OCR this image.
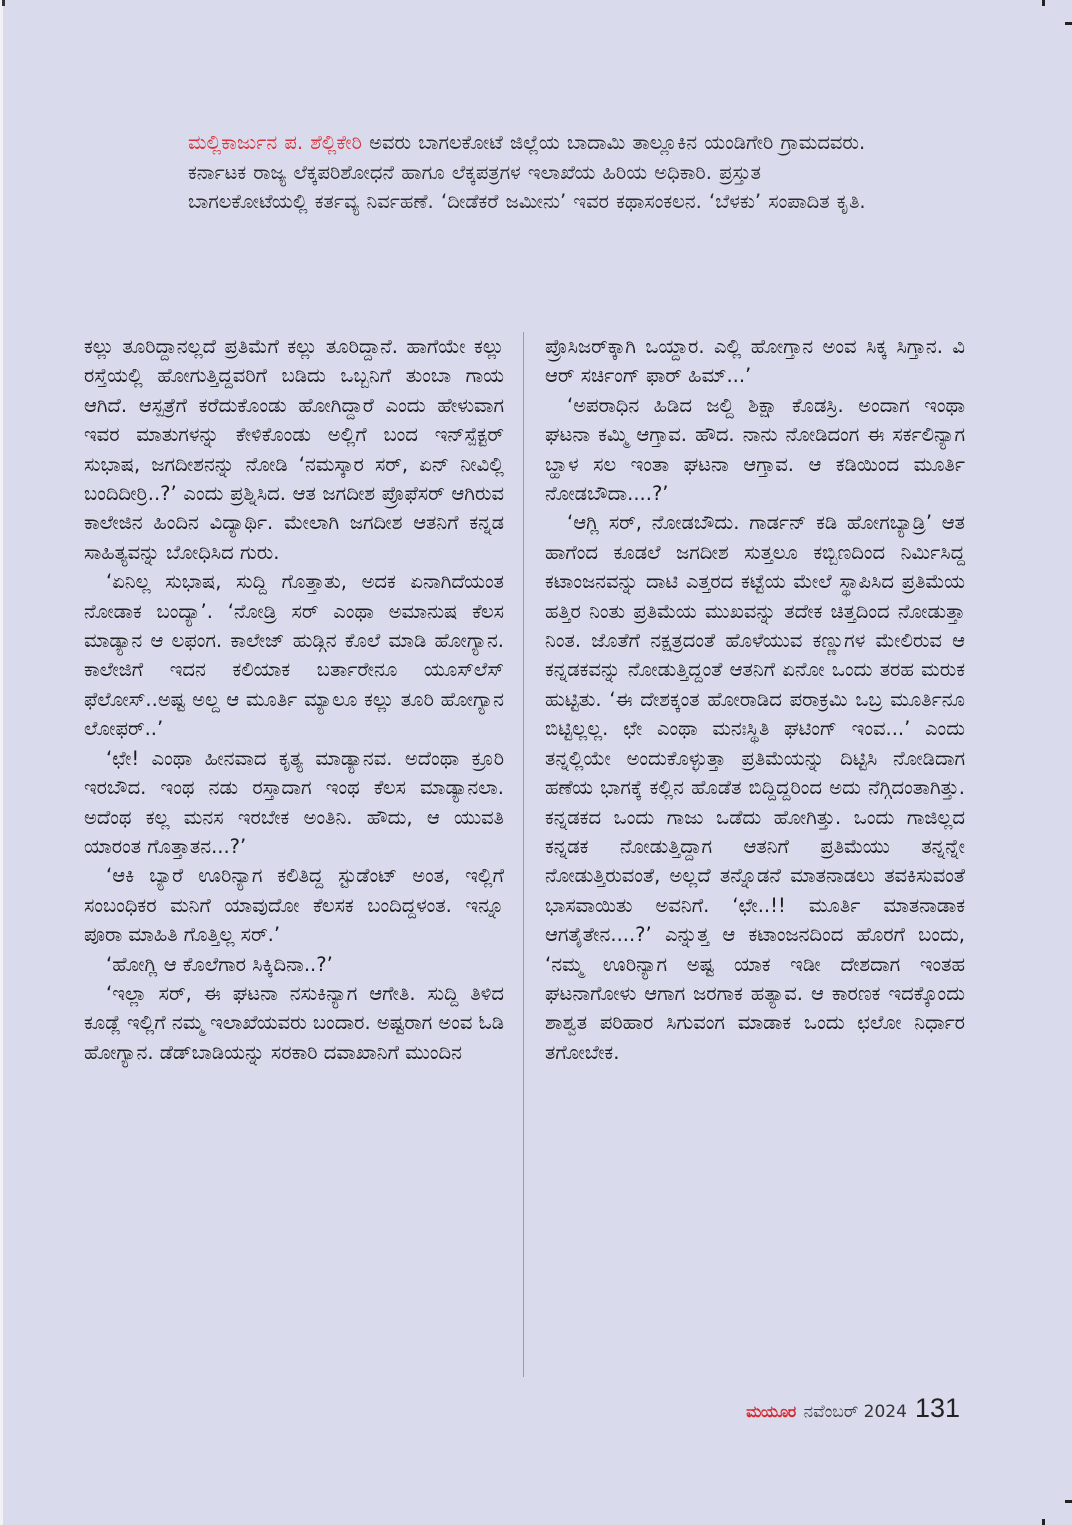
ಮಲ್ಲಿಕಾರ್ಜುನ ಪ. ಶೆಲ್ಲಿಕೇರಿ ಅವರು ಬಾಗಲಕೋಟೆ ಜಿಲ್ಲೆಯ ಬಾದಾಮಿ ತಾಲ್ಲೂಕಿನ ಯಂಡಿಗೇರಿ ಗ್ರಾಮದವರು. ಕರ್ನಾಟಕ ರಾಜ್ಯ ಲೆಕ್ಕಪರಿಶೋಧನೆ ಹಾಗೂ ಲೆಕ್ಕಪತ್ರಗಳ ಇಲಾಖೆಯ ಹಿರಿಯ ಅಧಿಕಾರಿ. ಪ್ರಸ್ತುತ ಬಾಗಲಕೋಟೆಯಲ್ಲಿ ಕರ್ತವ್ಯ ನಿರ್ವಹಣೆ. ‘ದೀಡೆಕರೆ ಜಮೀನು’ ಇವರ ಕಥಾಸಂಕಲನ. ‘ಬೆಳಕು’ ಸಂಪಾದಿತ ಕೃತಿ.

ಕಲ್ಲು ತೂರಿದ್ದಾನಲ್ಲದೆ ಪ್ರತಿಮೆಗೆ ಕಲ್ಲು ತೂರಿದ್ದಾನೆ. ಹಾಗೆಯೇ ಕಲ್ಲು ರಸ್ತೆಯಲ್ಲಿ ಹೋಗುತ್ತಿದ್ದವರಿಗೆ ಬಡಿದು ಒಬ್ಬನಿಗೆ ತುಂಬಾ ಗಾಯ ಆಗಿದೆ. ಆಸ್ಪತ್ರೆಗೆ ಕರೆದುಕೊಂಡು ಹೋಗಿದ್ದಾರೆ ಎಂದು ಹೇಳುವಾಗ ಇವರ ಮಾತುಗಳನ್ನು ಕೇಳಿಕೊಂಡು ಅಲ್ಲಿಗೆ ಬಂದ ಇನ್‌ಸ್ಪೆಕ್ಟರ್ ಸುಭಾಷ, ಜಗದೀಶನನ್ನು ನೋಡಿ ‘ನಮಸ್ಕಾರ ಸರ್, ಏನ್ ನೀವಿಲ್ಲಿ ಬಂದಿದೀರ್ರಿ..?’ ಎಂದು ಪ್ರಶ್ನಿಸಿದ. ಆತ ಜಗದೀಶ ಪ್ರೊಫೆಸರ್ ಆಗಿರುವ ಕಾಲೇಜಿನ ಹಿಂದಿನ ವಿದ್ಯಾರ್ಥಿ. ಮೇಲಾಗಿ ಜಗದೀಶ ಆತನಿಗೆ ಕನ್ನಡ ಸಾಹಿತ್ಯವನ್ನು ಬೋಧಿಸಿದ ಗುರು.

‘ಏನಿಲ್ಲ ಸುಭಾಷ, ಸುದ್ದಿ ಗೊತ್ತಾತು, ಅದಕ ಏನಾಗಿದೆಯಂತ ನೋಡಾಕ ಬಂದ್ಯಾ’. ‘ನೋಡ್ರಿ ಸರ್ ಎಂಥಾ ಅಮಾನುಷ ಕೆಲಸ ಮಾಡ್ಯಾನ ಆ ಲಫಂಗ. ಕಾಲೇಜ್ ಹುಡ್ಗಿನ ಕೊಲೆ ಮಾಡಿ ಹೋಗ್ಯಾನ. ಕಾಲೇಜಿಗೆ ಇದನ ಕಲಿಯಾಕ ಬರ್ತಾರೇನೂ ಯೂಸ್‌ಲೆಸ್ ಫೆಲೋಸ್..ಅಷ್ಟ ಅಲ್ದ ಆ ಮೂರ್ತಿ ಮ್ಯಾಲೂ ಕಲ್ಲು ತೂರಿ ಹೋಗ್ಯಾನ ಲೋಫರ್..’

‘ಛೇ! ಎಂಥಾ ಹೀನವಾದ ಕೃತ್ಯ ಮಾಡ್ಯಾನವ. ಅದೆಂಥಾ ಕ್ರೂರಿ ಇರಬೌದ. ಇಂಥ ನಡು ರಸ್ತಾದಾಗ ಇಂಥ ಕೆಲಸ ಮಾಡ್ಯಾನಲಾ. ಅದೆಂಥ ಕಲ್ಲ ಮನಸ ಇರಬೇಕ ಅಂತಿನಿ. ಹೌದು, ಆ ಯುವತಿ ಯಾರಂತ ಗೊತ್ತಾತನ...?’

‘ಆಕಿ ಬ್ಯಾರೆ ಊರಿನ್ಯಾಗ ಕಲಿತಿದ್ದ ಸ್ಟುಡೆಂಟ್ ಅಂತ, ಇಲ್ಲಿಗೆ ಸಂಬಂಧಿಕರ ಮನಿಗೆ ಯಾವುದೋ ಕೆಲಸಕ ಬಂದಿದ್ದಳಂತ. ಇನ್ನೂ ಪೂರಾ ಮಾಹಿತಿ ಗೊತ್ತಿಲ್ಲ ಸರ್.’

‘ಹೋಗ್ಲಿ ಆ ಕೊಲೆಗಾರ ಸಿಕ್ಕಿದಿನಾ..?’

‘ಇಲ್ಲಾ ಸರ್, ಈ ಘಟನಾ ನಸುಕಿನ್ಯಾಗ ಆಗೇತಿ. ಸುದ್ದಿ ತಿಳಿದ ಕೂಡ್ಲೆ ಇಲ್ಲಿಗೆ ನಮ್ಮ ಇಲಾಖೆಯವರು ಬಂದಾರ. ಅಷ್ಟರಾಗ ಅಂವ ಓಡಿ ಹೋಗ್ಯಾನ. ಡೆಡ್‌ಬಾಡಿಯನ್ನು ಸರಕಾರಿ ದವಾಖಾನಿಗೆ ಮುಂದಿನ

ಪ್ರೊಸಿಜರ್‌ಕ್ಕಾಗಿ ಒಯ್ದಾರ. ಎಲ್ಲಿ ಹೋಗ್ತಾನ ಅಂವ ಸಿಕ್ಕ ಸಿಗ್ತಾನ. ವಿ ಆರ್ ಸರ್ಚಿಂಗ್ ಫಾರ್ ಹಿಮ್...’

‘ಅಪರಾಧಿನ ಹಿಡಿದ ಜಲ್ದಿ ಶಿಕ್ಷಾ ಕೊಡಸ್ರಿ. ಅಂದಾಗ ಇಂಥಾ ಘಟನಾ ಕಮ್ಮಿ ಆಗ್ತಾವ. ಹೌದ. ನಾನು ನೋಡಿದಂಗ ಈ ಸರ್ಕಲಿನ್ಯಾಗ ಬ್ಹಾಳ ಸಲ ಇಂತಾ ಘಟನಾ ಆಗ್ತಾವ. ಆ ಕಡಿಯಿಂದ ಮೂರ್ತಿ ನೋಡಬೌದಾ....?’

‘ಆಗ್ಲಿ ಸರ್, ನೋಡಬೌದು. ಗಾರ್ಡನ್ ಕಡಿ ಹೋಗಬ್ಯಾಡ್ರಿ’ ಆತ ಹಾಗೆಂದ ಕೂಡಲೆ ಜಗದೀಶ ಸುತ್ತಲೂ ಕಬ್ಬಿಣದಿಂದ ನಿರ್ಮಿಸಿದ್ದ ಕಟಾಂಜನವನ್ನು ದಾಟಿ ಎತ್ತರದ ಕಟ್ಟೆಯ ಮೇಲೆ ಸ್ಥಾಪಿಸಿದ ಪ್ರತಿಮೆಯ ಹತ್ತಿರ ನಿಂತು ಪ್ರತಿಮೆಯ ಮುಖವನ್ನು ತದೇಕ ಚಿತ್ತದಿಂದ ನೋಡುತ್ತಾ ನಿಂತ. ಜೊತೆಗೆ ನಕ್ಷತ್ರದಂತೆ ಹೊಳೆಯುವ ಕಣ್ಣುಗಳ ಮೇಲಿರುವ ಆ ಕನ್ನಡಕವನ್ನು ನೋಡುತ್ತಿದ್ದಂತೆ ಆತನಿಗೆ ಏನೋ ಒಂದು ತರಹ ಮರುಕ ಹುಟ್ಟಿತು. ‘ಈ ದೇಶಕ್ಕಂತ ಹೋರಾಡಿದ ಪರಾಕ್ರಮಿ ಒಬ್ರ ಮೂರ್ತಿನೂ ಬಿಟ್ಟಿಲ್ಲಲ್ಲ. ಛೇ ಎಂಥಾ ಮನಃಸ್ಥಿತಿ ಘಟಿಂಗ್ ಇಂವ...’ ಎಂದು ತನ್ನಲ್ಲಿಯೇ ಅಂದುಕೊಳ್ಳುತ್ತಾ ಪ್ರತಿಮೆಯನ್ನು ದಿಟ್ಟಿಸಿ ನೋಡಿದಾಗ ಹಣೆಯ ಭಾಗಕ್ಕೆ ಕಲ್ಲಿನ ಹೊಡೆತ ಬಿದ್ದಿದ್ದರಿಂದ ಅದು ನೆಗ್ಗಿದಂತಾಗಿತ್ತು. ಕನ್ನಡಕದ ಒಂದು ಗಾಜು ಒಡೆದು ಹೋಗಿತ್ತು. ಒಂದು ಗಾಜಿಲ್ಲದ ಕನ್ನಡಕ ನೋಡುತ್ತಿದ್ದಾಗ ಆತನಿಗೆ ಪ್ರತಿಮೆಯು ತನ್ನನ್ನೇ ನೋಡುತ್ತಿರುವಂತೆ, ಅಲ್ಲದೆ ತನ್ನೊಡನೆ ಮಾತನಾಡಲು ತವಕಿಸುವಂತೆ ಭಾಸವಾಯಿತು ಅವನಿಗೆ. ‘ಛೇ..!! ಮೂರ್ತಿ ಮಾತನಾಡಾಕ ಆಗತೈತೇನ....?’ ಎನ್ನುತ್ತ ಆ ಕಟಾಂಜನದಿಂದ ಹೊರಗೆ ಬಂದು, ‘ನಮ್ಮ ಊರಿನ್ಯಾಗ ಅಷ್ಟ ಯಾಕ ಇಡೀ ದೇಶದಾಗ ಇಂತಹ ಘಟನಾಗೋಳು ಆಗಾಗ ಜರಗಾಕ ಹತ್ಯಾವ. ಆ ಕಾರಣಕ ಇದಕ್ಕೊಂದು ಶಾಶ್ವತ ಪರಿಹಾರ ಸಿಗುವಂಗ ಮಾಡಾಕ ಒಂದು ಛಲೋ ನಿರ್ಧಾರ ತಗೋಬೇಕ.

ಮಯೂರ ನವೆಂಬರ್ 2024 131
